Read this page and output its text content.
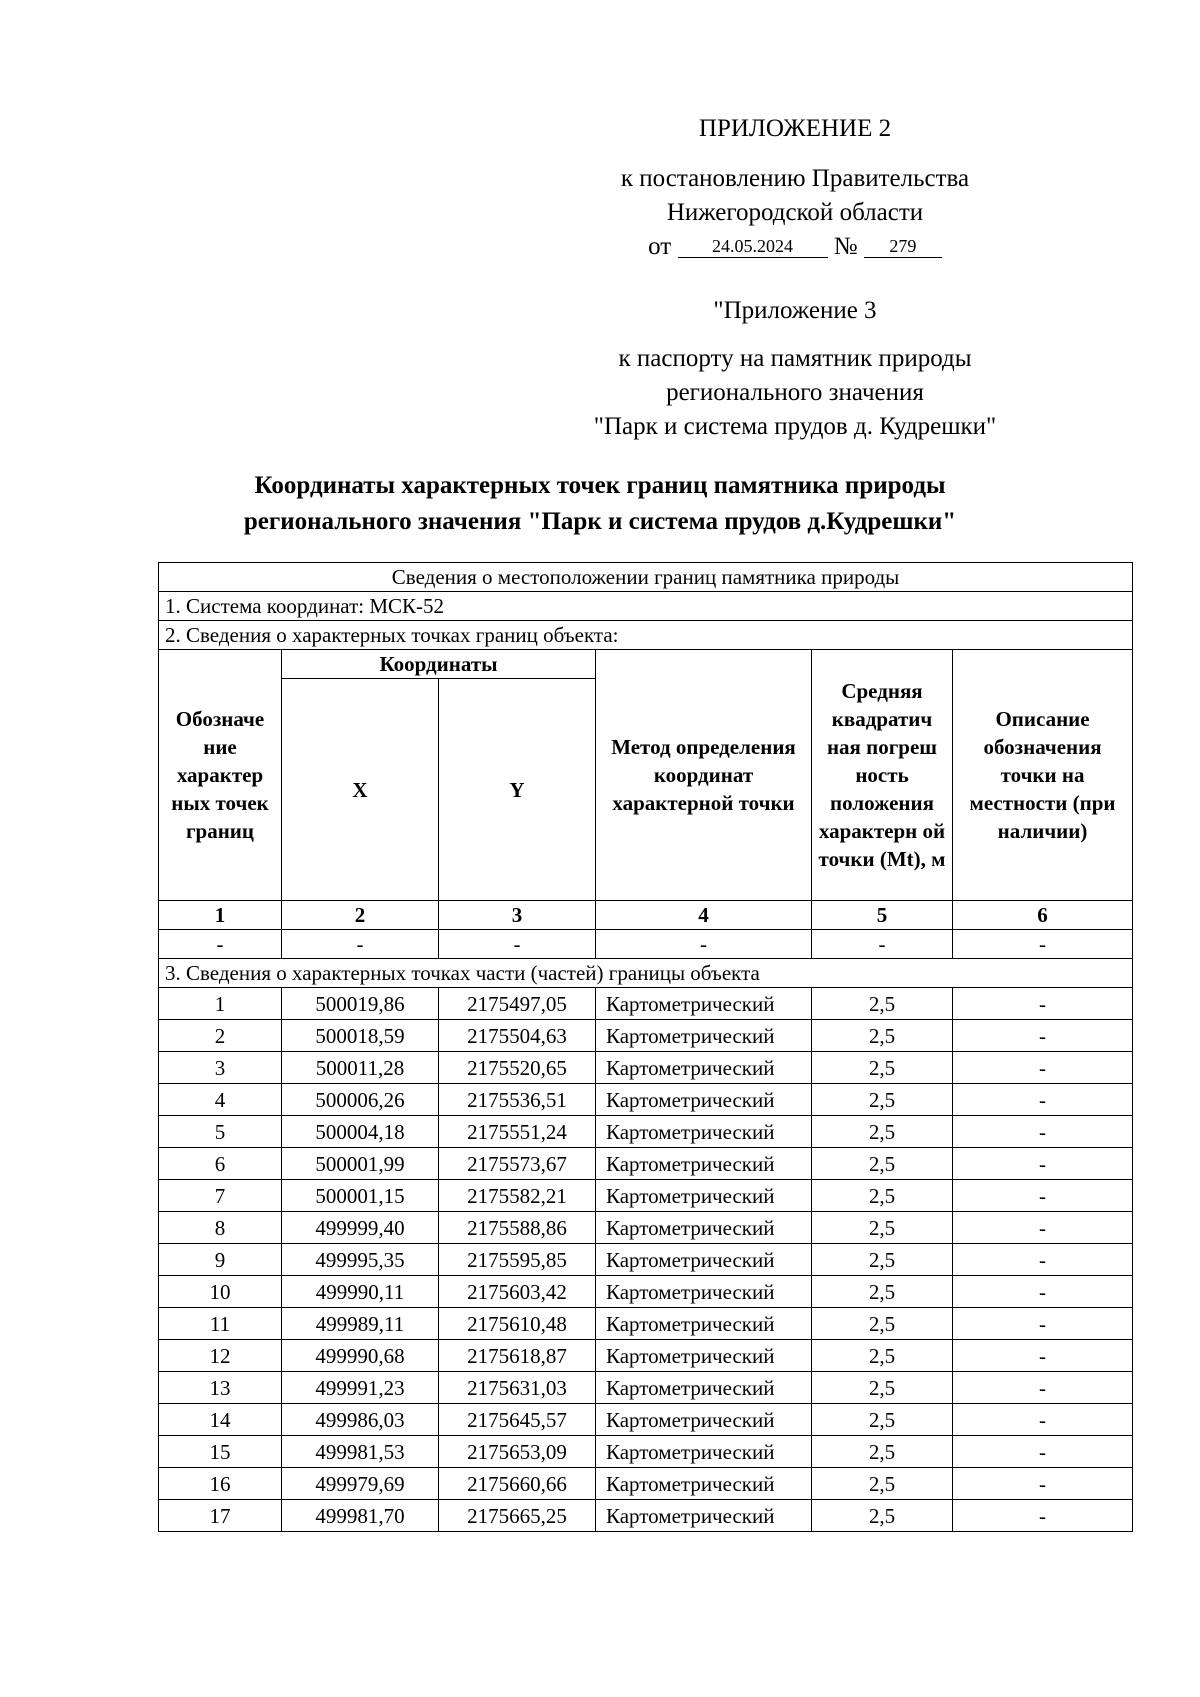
ПРИЛОЖЕНИЕ 2
к постановлению Правительства
Нижегородской области
от 24.05.2024 № 279
"Приложение 3
к паспорту на памятник природы
регионального значения
"Парк и система прудов д. Кудрешки"
Координаты характерных точек границ памятника природы
регионального значения "Парк и система прудов д.Кудрешки"
Сведения о местоположении границ памятника природы					
1. Система координат: МСК-52					
2. Сведения о характерных точках границ объекта:					
Обозначе ние характер ных точек границ	Координаты		Метод определения координат характерной точки	Средняя квадратич ная погреш ность положения характерн ой точки (Mt), м	Описание обозначения точки на местности (при наличии)
	X	Y			
1	2	3	4	5	6
-	-	-	-	-	-
3. Сведения о характерных точках части (частей) границы объекта					
1	500019,86	2175497,05	Картометрический	2,5	-
2	500018,59	2175504,63	Картометрический	2,5	-
3	500011,28	2175520,65	Картометрический	2,5	-
4	500006,26	2175536,51	Картометрический	2,5	-
5	500004,18	2175551,24	Картометрический	2,5	-
6	500001,99	2175573,67	Картометрический	2,5	-
7	500001,15	2175582,21	Картометрический	2,5	-
8	499999,40	2175588,86	Картометрический	2,5	-
9	499995,35	2175595,85	Картометрический	2,5	-
10	499990,11	2175603,42	Картометрический	2,5	-
11	499989,11	2175610,48	Картометрический	2,5	-
12	499990,68	2175618,87	Картометрический	2,5	-
13	499991,23	2175631,03	Картометрический	2,5	-
14	499986,03	2175645,57	Картометрический	2,5	-
15	499981,53	2175653,09	Картометрический	2,5	-
16	499979,69	2175660,66	Картометрический	2,5	-
17	499981,70	2175665,25	Картометрический	2,5	-
